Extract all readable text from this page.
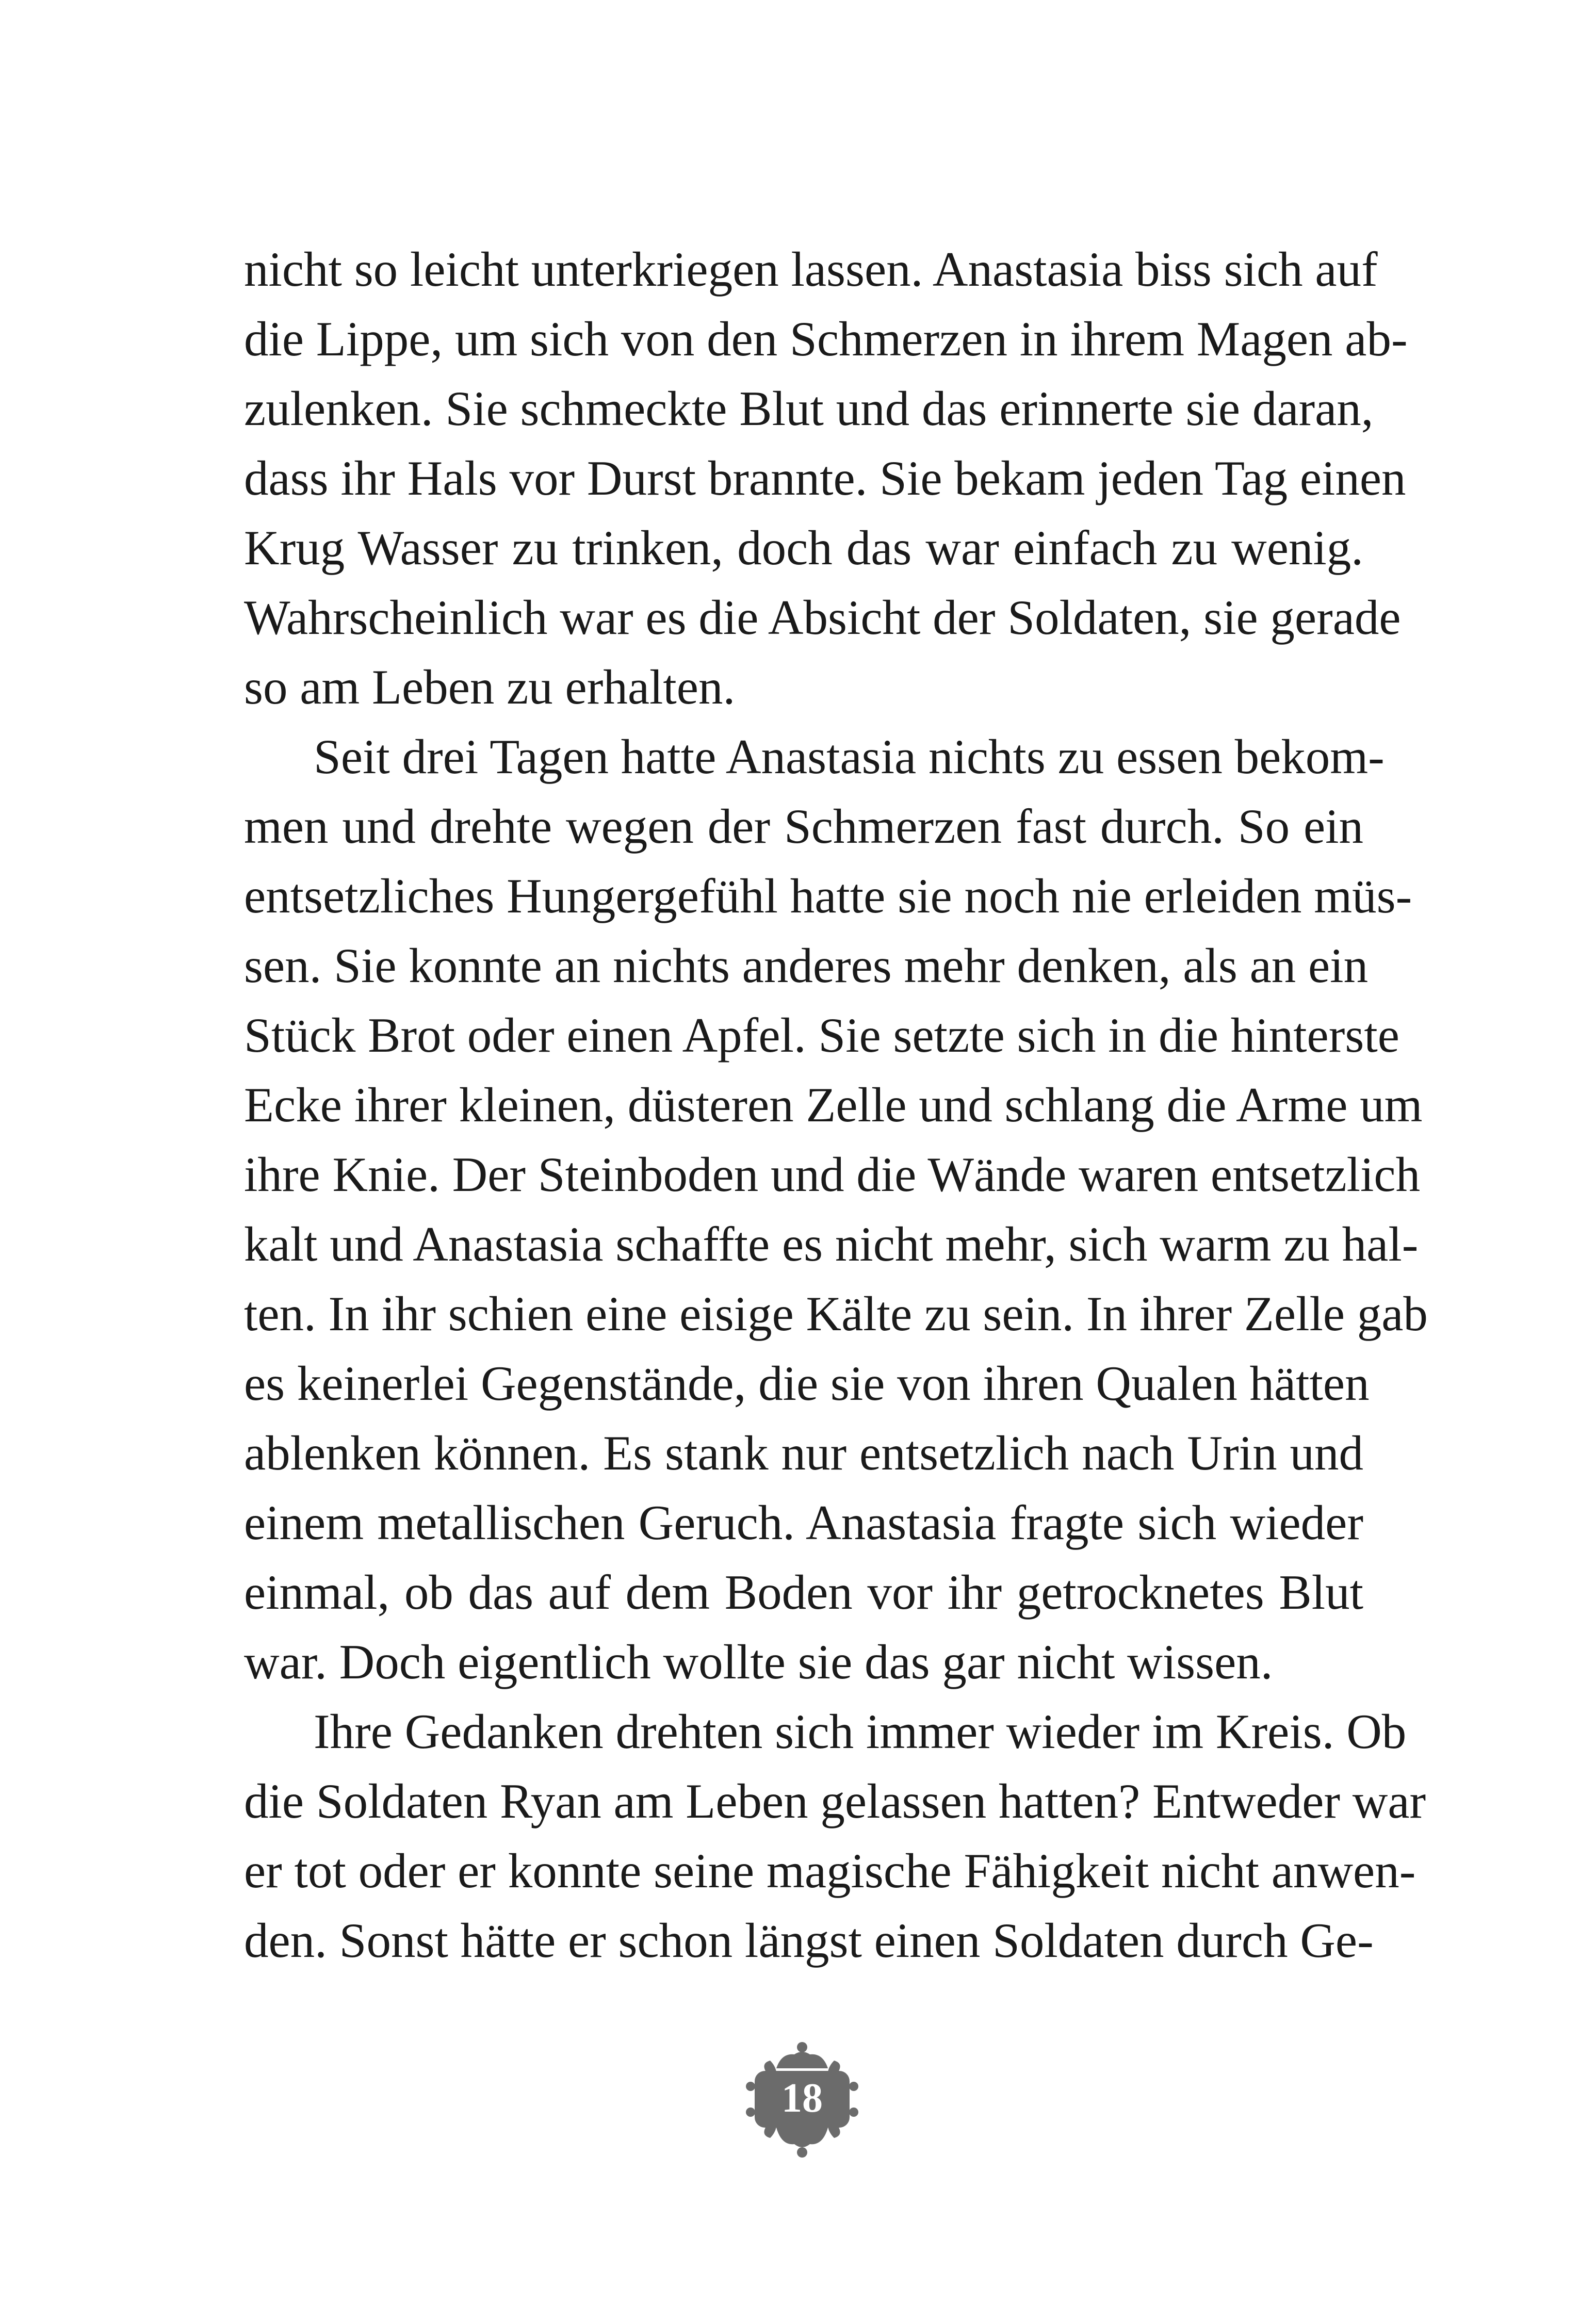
nicht so leicht unterkriegen lassen. Anastasia biss sich auf
die Lippe, um sich von den Schmerzen in ihrem Magen ab-
zulenken. Sie schmeckte Blut und das erinnerte sie daran,
dass ihr Hals vor Durst brannte. Sie bekam jeden Tag einen
Krug Wasser zu trinken, doch das war einfach zu wenig.
Wahrscheinlich war es die Absicht der Soldaten, sie gerade
so am Leben zu erhalten.
Seit drei Tagen hatte Anastasia nichts zu essen bekom-
men und drehte wegen der Schmerzen fast durch. So ein
entsetzliches Hungergefühl hatte sie noch nie erleiden müs-
sen. Sie konnte an nichts anderes mehr denken, als an ein
Stück Brot oder einen Apfel. Sie setzte sich in die hinterste
Ecke ihrer kleinen, düsteren Zelle und schlang die Arme um
ihre Knie. Der Steinboden und die Wände waren entsetzlich
kalt und Anastasia schaffte es nicht mehr, sich warm zu hal-
ten. In ihr schien eine eisige Kälte zu sein. In ihrer Zelle gab
es keinerlei Gegenstände, die sie von ihren Qualen hätten
ablenken können. Es stank nur entsetzlich nach Urin und
einem metallischen Geruch. Anastasia fragte sich wieder
einmal, ob das auf dem Boden vor ihr getrocknetes Blut
war. Doch eigentlich wollte sie das gar nicht wissen.
Ihre Gedanken drehten sich immer wieder im Kreis. Ob
die Soldaten Ryan am Leben gelassen hatten? Entweder war
er tot oder er konnte seine magische Fähigkeit nicht anwen-
den. Sonst hätte er schon längst einen Soldaten durch Ge-
18
